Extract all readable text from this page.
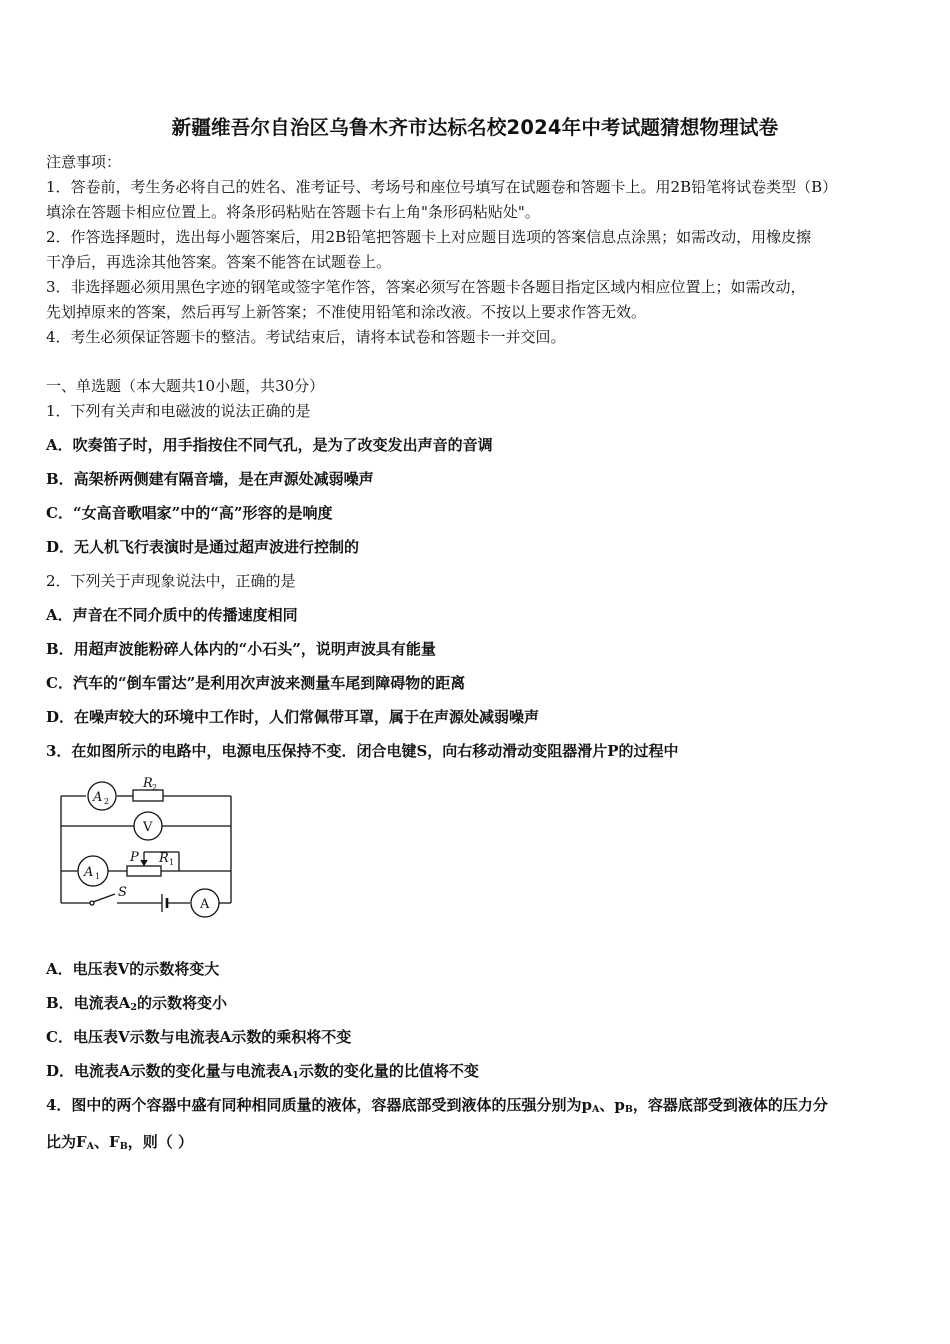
新疆维吾尔自治区乌鲁木齐市达标名校2024年中考试题猜想物理试卷
注意事项：
1．答卷前，考生务必将自己的姓名、准考证号、考场号和座位号填写在试题卷和答题卡上。用2B铅笔将试卷类型（B）
填涂在答题卡相应位置上。将条形码粘贴在答题卡右上角"条形码粘贴处"。
2．作答选择题时，选出每小题答案后，用2B铅笔把答题卡上对应题目选项的答案信息点涂黑；如需改动，用橡皮擦
干净后，再选涂其他答案。答案不能答在试题卷上。
3．非选择题必须用黑色字迹的钢笔或签字笔作答，答案必须写在答题卡各题目指定区域内相应位置上；如需改动，
先划掉原来的答案，然后再写上新答案；不准使用铅笔和涂改液。不按以上要求作答无效。
4．考生必须保证答题卡的整洁。考试结束后，请将本试卷和答题卡一并交回。
一、单选题（本大题共10小题，共30分）
1．下列有关声和电磁波的说法正确的是
A．吹奏笛子时，用手指按住不同气孔，是为了改变发出声音的音调
B．高架桥两侧建有隔音墙，是在声源处减弱噪声
C．“女高音歌唱家”中的“高”形容的是响度
D．无人机飞行表演时是通过超声波进行控制的
2．下列关于声现象说法中，正确的是
A．声音在不同介质中的传播速度相同
B．用超声波能粉碎人体内的“小石头”，说明声波具有能量
C．汽车的“倒车雷达”是利用次声波来测量车尾到障碍物的距离
D．在噪声较大的环境中工作时，人们常佩带耳罩，属于在声源处减弱噪声
3．在如图所示的电路中，电源电压保持不变．闭合电键S，向右移动滑动变阻器滑片P的过程中
A 2
R 2
V
A 1
P R 1
S
A
A．电压表V的示数将变大
B．电流表$A_2$的示数将变小
C．电压表V示数与电流表A示数的乘积将不变
D．电流表A示数的变化量与电流表$A_1$示数的变化量的比值将不变
4．图中的两个容器中盛有同种相同质量的液体，容器底部受到液体的压强分别为$p_A$、$p_B$，容器底部受到液体的压力分
比为$F_A$、$F_B$，则（ ）
